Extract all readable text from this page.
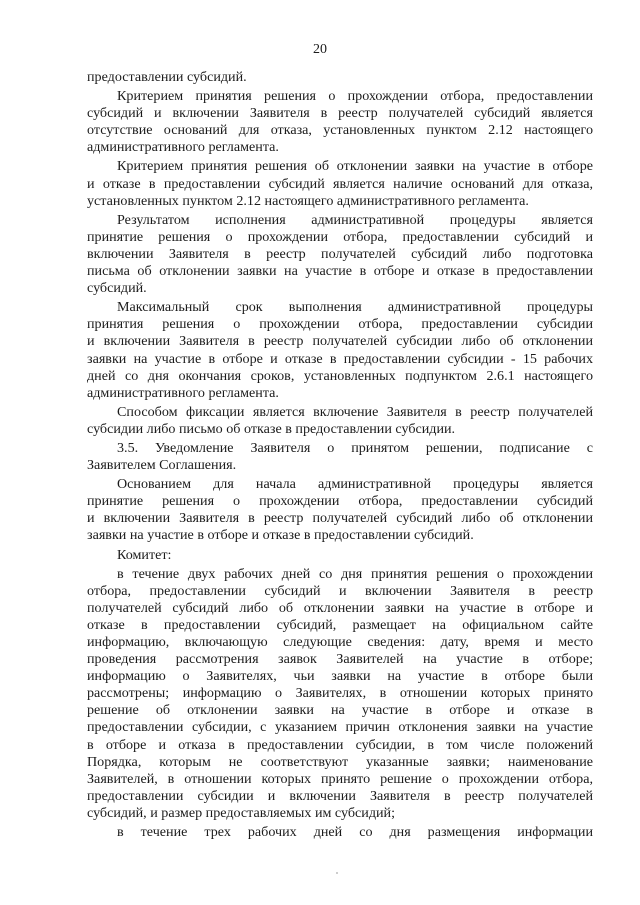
20
предоставлении субсидий.
Критерием принятия решения о прохождении отбора, предоставлении
субсидий и включении Заявителя в реестр получателей субсидий является
отсутствие оснований для отказа, установленных пунктом 2.12 настоящего
административного регламента.
Критерием принятия решения об отклонении заявки на участие в отборе
и отказе в предоставлении субсидий является наличие оснований для отказа,
установленных пунктом 2.12 настоящего административного регламента.
Результатом исполнения административной процедуры является
принятие решения о прохождении отбора, предоставлении субсидий и
включении Заявителя в реестр получателей субсидий либо подготовка
письма об отклонении заявки на участие в отборе и отказе в предоставлении
субсидий.
Максимальный срок выполнения административной процедуры
принятия решения о прохождении отбора, предоставлении субсидии
и включении Заявителя в реестр получателей субсидии либо об отклонении
заявки на участие в отборе и отказе в предоставлении субсидии - 15 рабочих
дней со дня окончания сроков, установленных подпунктом 2.6.1 настоящего
административного регламента.
Способом фиксации является включение Заявителя в реестр получателей
субсидии либо письмо об отказе в предоставлении субсидии.
3.5. Уведомление Заявителя о принятом решении, подписание с
Заявителем Соглашения.
Основанием для начала административной процедуры является
принятие решения о прохождении отбора, предоставлении субсидий
и включении Заявителя в реестр получателей субсидий либо об отклонении
заявки на участие в отборе и отказе в предоставлении субсидий.
Комитет:
в течение двух рабочих дней со дня принятия решения о прохождении
отбора, предоставлении субсидий и включении Заявителя в реестр
получателей субсидий либо об отклонении заявки на участие в отборе и
отказе в предоставлении субсидий, размещает на официальном сайте
информацию, включающую следующие сведения: дату, время и место
проведения рассмотрения заявок Заявителей на участие в отборе;
информацию о Заявителях, чьи заявки на участие в отборе были
рассмотрены; информацию о Заявителях, в отношении которых принято
решение об отклонении заявки на участие в отборе и отказе в
предоставлении субсидии, с указанием причин отклонения заявки на участие
в отборе и отказа в предоставлении субсидии, в том числе положений
Порядка, которым не соответствуют указанные заявки; наименование
Заявителей, в отношении которых принято решение о прохождении отбора,
предоставлении субсидии и включении Заявителя в реестр получателей
субсидий, и размер предоставляемых им субсидий;
в течение трех рабочих дней со дня размещения информации
